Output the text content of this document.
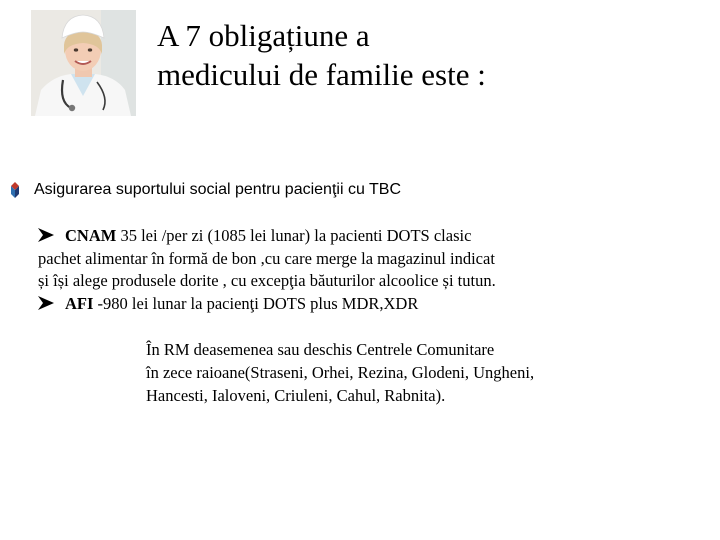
A 7 obligațiune a
medicului de familie este :
Asigurarea suportului social pentru pacienţii cu TBC
CNAM 35 lei /per zi (1085 lei lunar) la pacienti DOTS clasic
pachet alimentar în formă de bon ,cu care merge la magazinul indicat
și își alege produsele dorite , cu excepţia băuturilor alcoolice și tutun.
AFI -980 lei lunar la pacienţi DOTS plus MDR,XDR
În RM deasemenea sau deschis Centrele Comunitare
în zece raioane(Straseni, Orhei, Rezina, Glodeni, Ungheni,
Hancesti, Ialoveni, Criuleni, Cahul, Rabnita).
